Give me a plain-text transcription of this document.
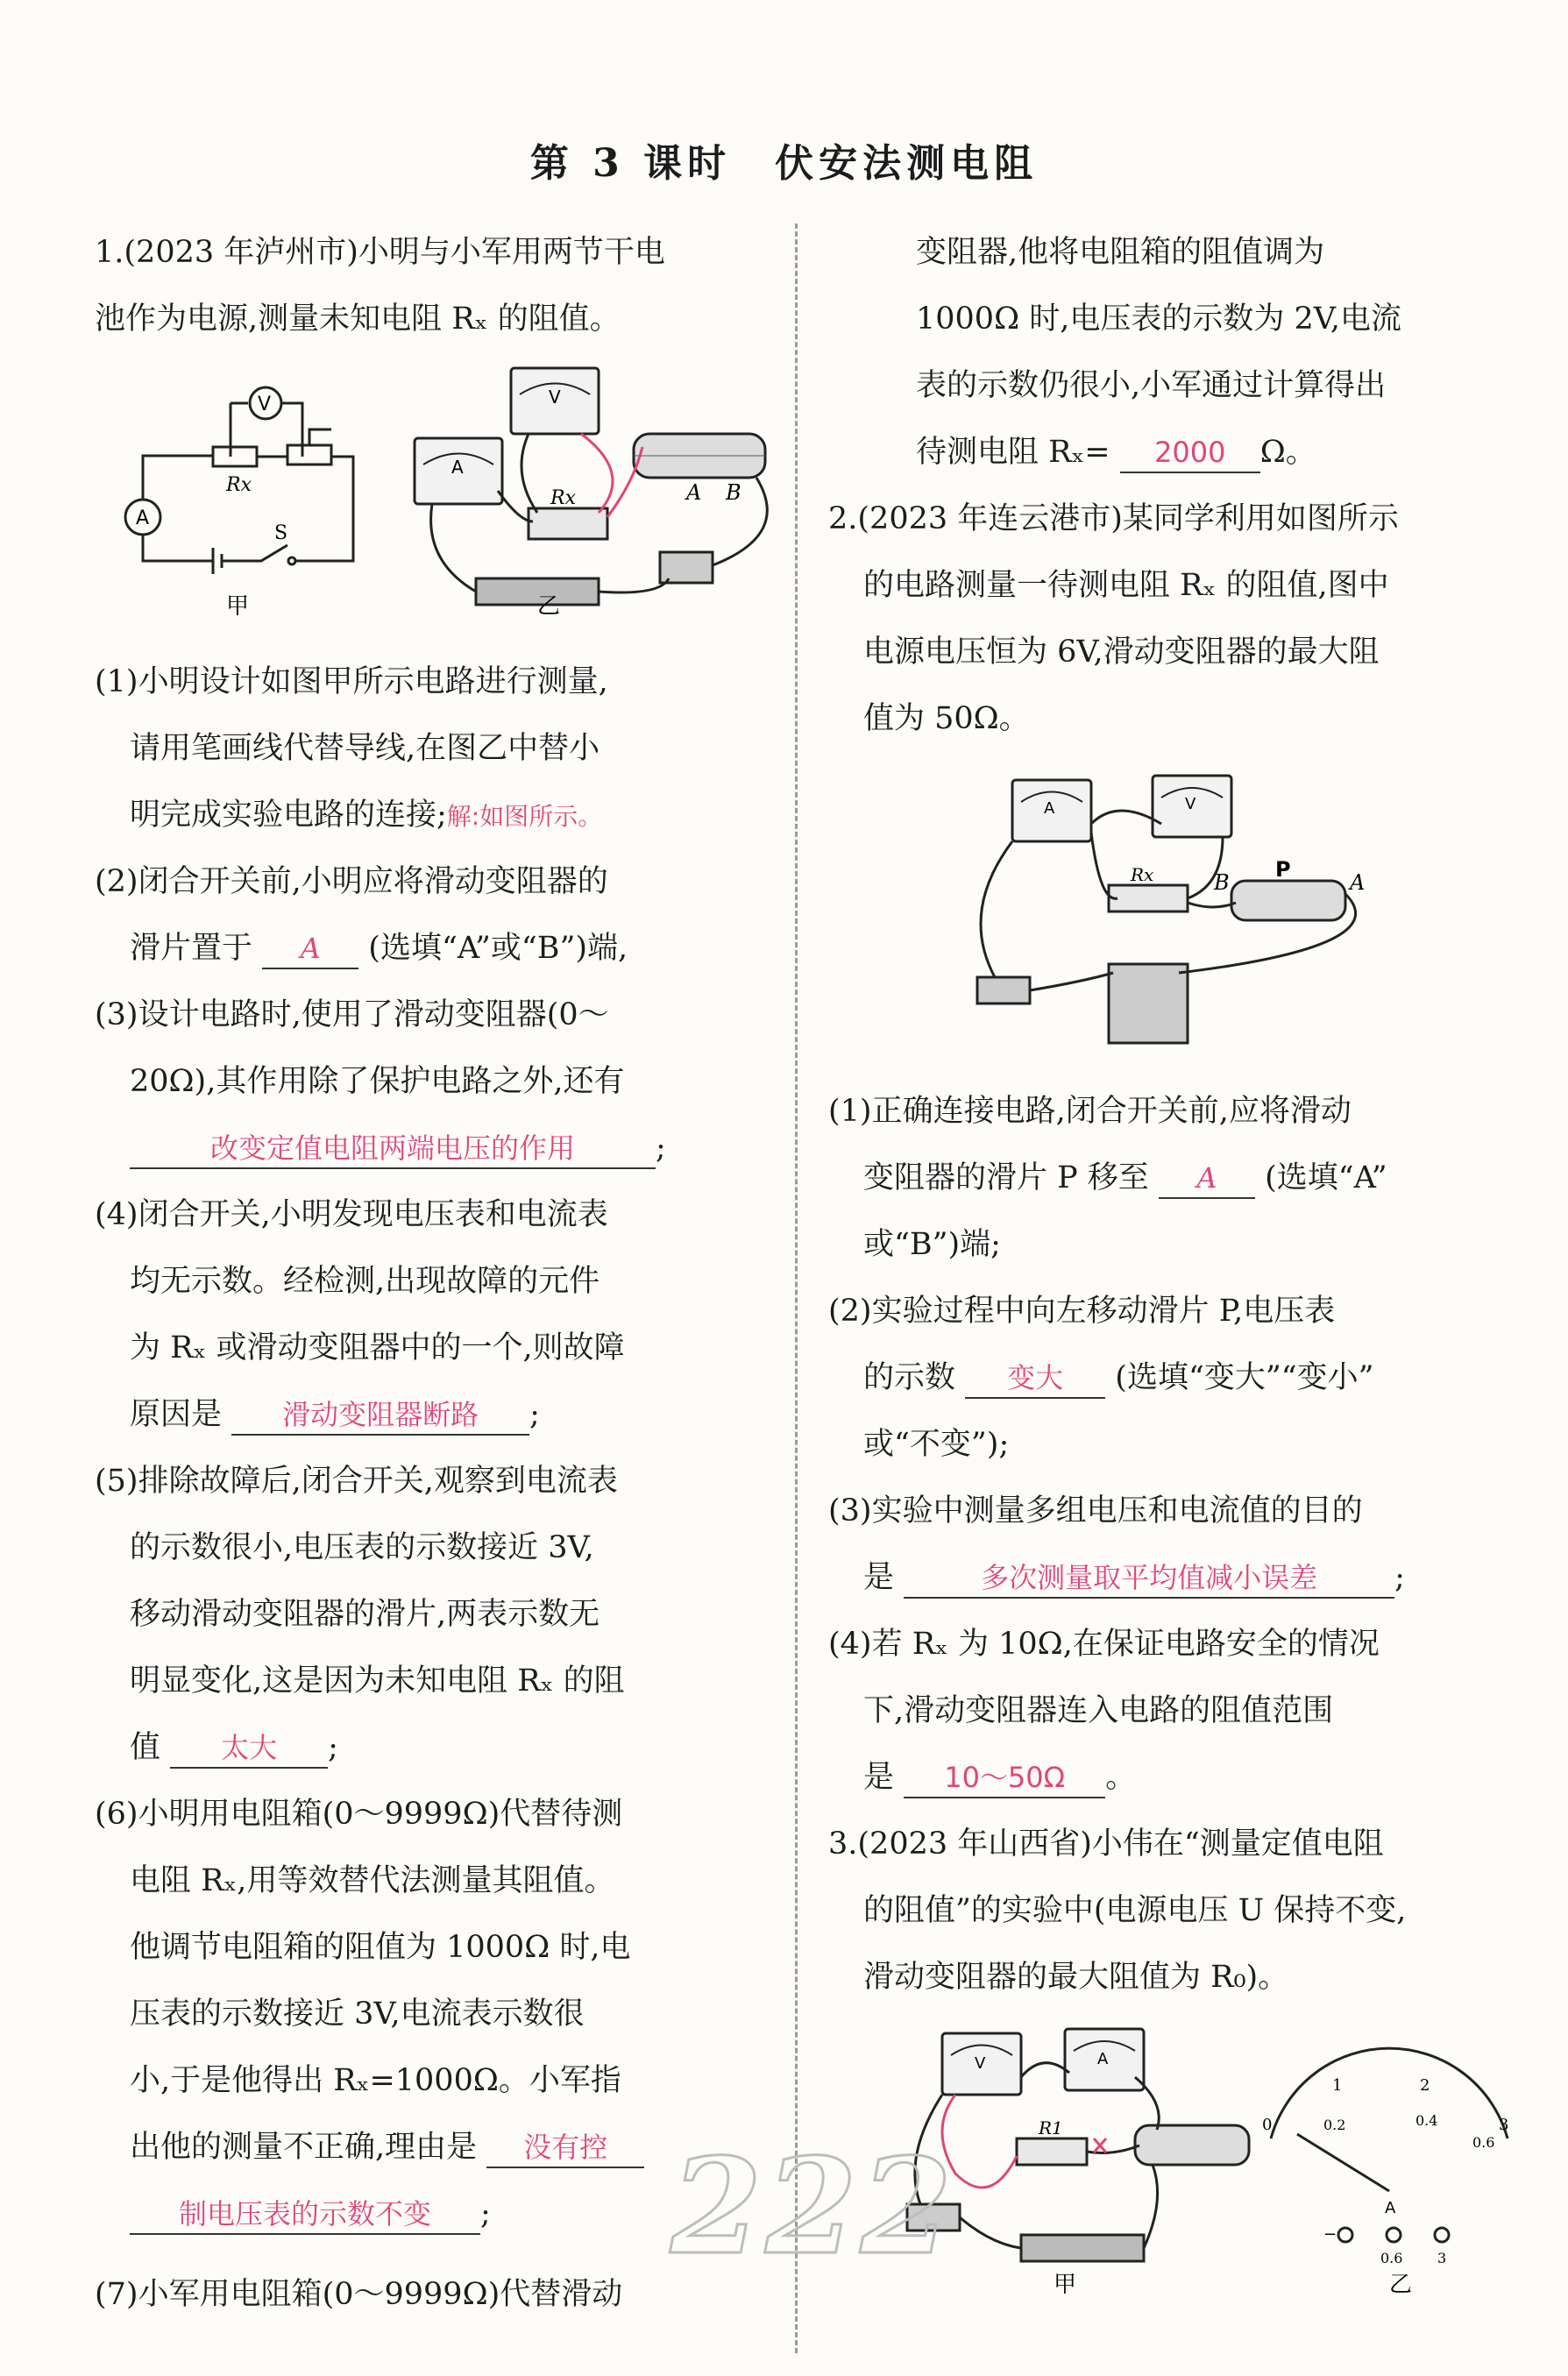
第 3 课时　伏安法测电阻
1.(2023 年泸州市)小明与小军用两节干电
池作为电源,测量未知电阻 Rₓ 的阻值。
V
A
Rx
S
甲
A
V
Rx	A B
乙
(1)小明设计如图甲所示电路进行测量,
请用笔画线代替导线,在图乙中替小
明完成实验电路的连接;解:如图所示。
(2)闭合开关前,小明应将滑动变阻器的
滑片置于 A (选填“A”或“B”)端,
(3)设计电路时,使用了滑动变阻器(0～
20Ω),其作用除了保护电路之外,还有
改变定值电阻两端电压的作用	;
(4)闭合开关,小明发现电压表和电流表
均无示数。经检测,出现故障的元件
为 Rₓ 或滑动变阻器中的一个,则故障
原因是 滑动变阻器断路 ;
(5)排除故障后,闭合开关,观察到电流表
的示数很小,电压表的示数接近 3V,
移动滑动变阻器的滑片,两表示数无
明显变化,这是因为未知电阻 Rₓ 的阻
值 太大 ;
(6)小明用电阻箱(0～9999Ω)代替待测
电阻 Rₓ,用等效替代法测量其阻值。
他调节电阻箱的阻值为 1000Ω 时,电
压表的示数接近 3V,电流表示数很
小,于是他得出 Rₓ=1000Ω。小军指
出他的测量不正确,理由是 没有控
制电压表的示数不变 ;
(7)小军用电阻箱(0～9999Ω)代替滑动
变阻器,他将电阻箱的阻值调为
1000Ω 时,电压表的示数为 2V,电流
表的示数仍很小,小军通过计算得出
待测电阻 Rₓ= 2000 Ω。
2.(2023 年连云港市)某同学利用如图所示
的电路测量一待测电阻 Rₓ 的阻值,图中
电源电压恒为 6V,滑动变阻器的最大阻
值为 50Ω。
A	V
Rx	B
P
A
(1)正确连接电路,闭合开关前,应将滑动
变阻器的滑片 P 移至 A (选填“A”
或“B”)端;
(2)实验过程中向左移动滑片 P,电压表
的示数 变大 (选填“变大”“变小”
或“不变”);
(3)实验中测量多组电压和电流值的目的
是	多次测量取平均值减小误差	;
(4)若 Rₓ 为 10Ω,在保证电路安全的情况
下,滑动变阻器连入电路的阻值范围
是 10～50Ω 。
3.(2023 年山西省)小伟在“测量定值电阻
的阻值”的实验中(电源电压 U 保持不变,
滑动变阻器的最大阻值为 R₀)。
V	A
R1
甲
0
1	2
3
0.2	0.4
0.6
A
−
0.6 3
乙
222
